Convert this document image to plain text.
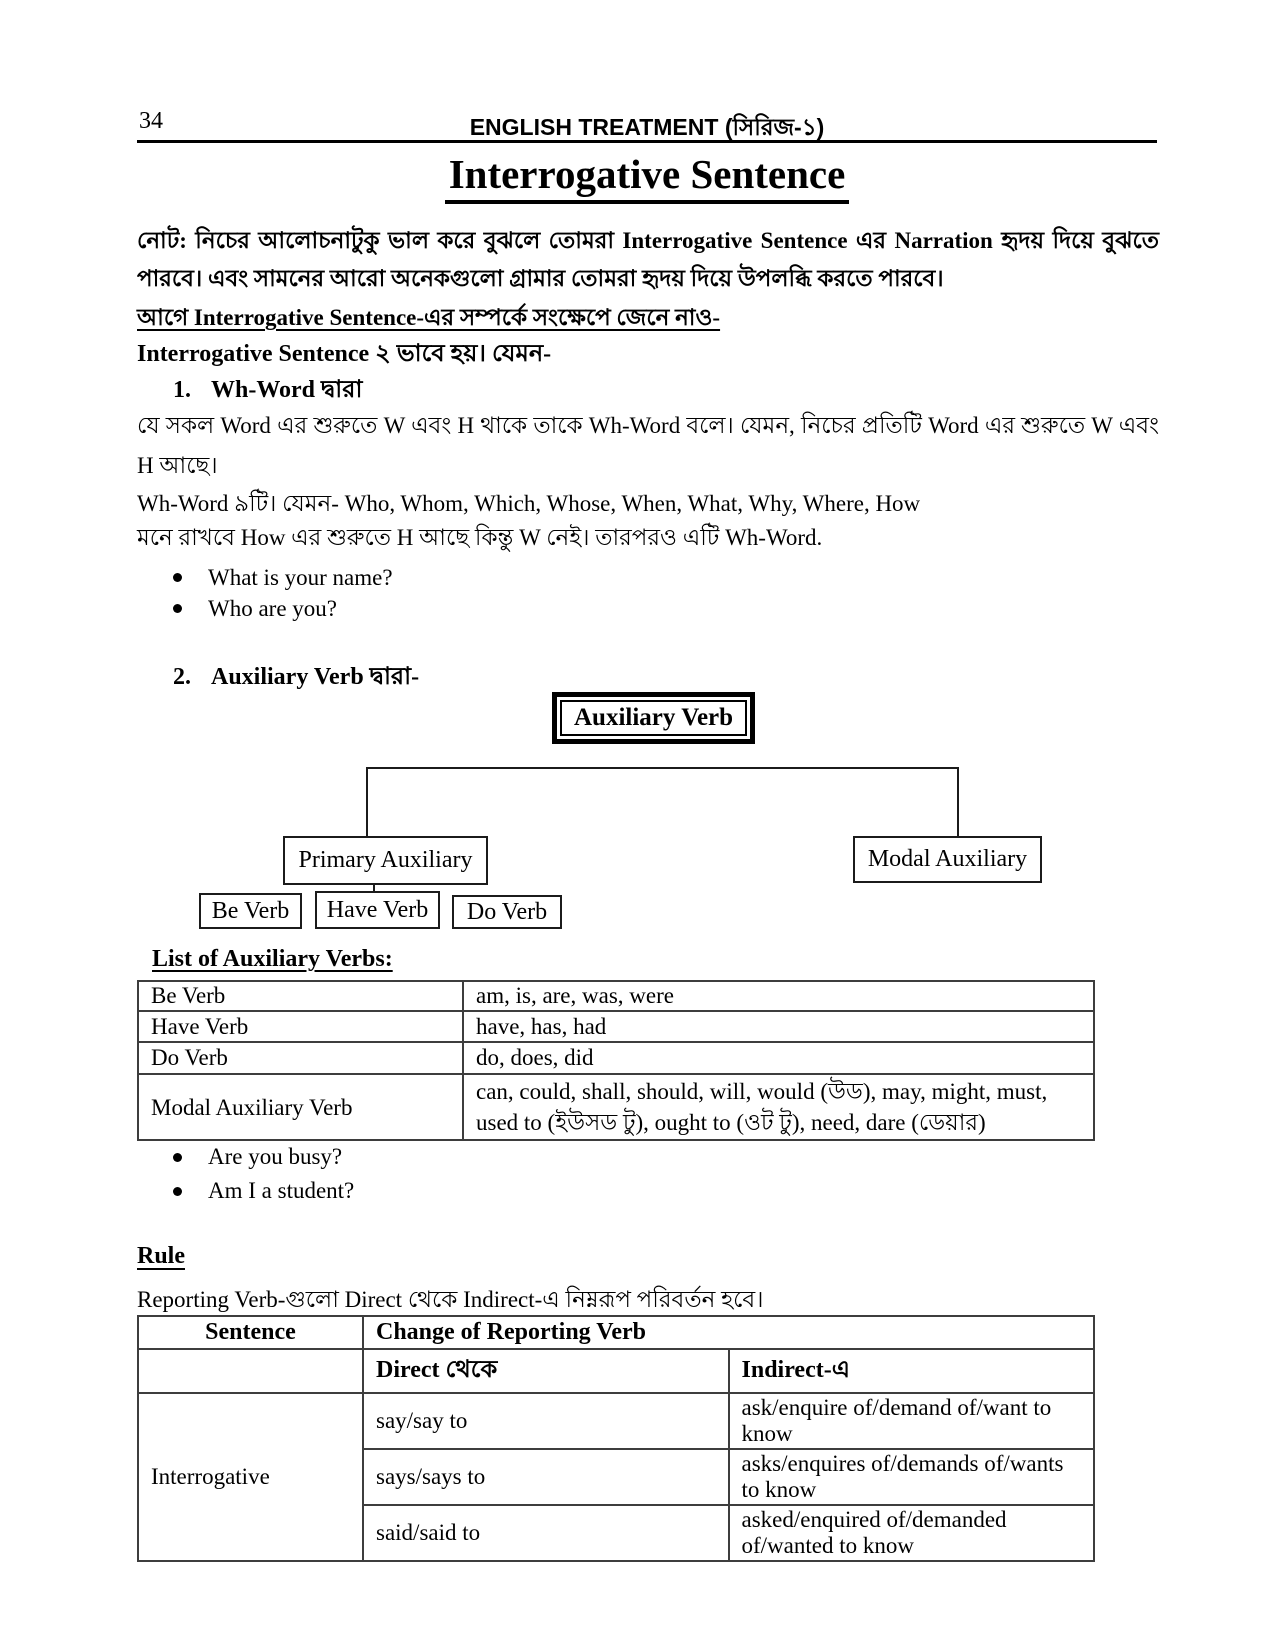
34	ENGLISH TREATMENT (সিরিজ-১)
Interrogative Sentence

নোট: নিচের আলোচনাটুকু ভাল করে বুঝলে তোমরা Interrogative Sentence এর Narration হৃদয় দিয়ে বুঝতে পারবে। এবং সামনের আরো অনেকগুলো গ্রামার তোমরা হৃদয় দিয়ে উপলব্ধি করতে পারবে।

আগে Interrogative Sentence-এর সম্পর্কে সংক্ষেপে জেনে নাও-

Interrogative Sentence ২ ভাবে হয়। যেমন-

1. Wh-Word দ্বারা

যে সকল Word এর শুরুতে W এবং H থাকে তাকে Wh-Word বলে। যেমন, নিচের প্রতিটি Word এর শুরুতে W এবং H আছে।

Wh-Word ৯টি। যেমন- Who, Whom, Which, Whose, When, What, Why, Where, How

মনে রাখবে How এর শুরুতে H আছে কিন্তু W নেই। তারপরও এটি Wh-Word.

What is your name?
Who are you?
2. Auxiliary Verb দ্বারা-
Auxiliary Verb
Primary Auxiliary	Modal Auxiliary
Be Verb Have Verb Do Verb
List of Auxiliary Verbs:
Be Verb	am, is, are, was, were
Have Verb	have, has, had
Do Verb	do, does, did
Modal Auxiliary Verb	can, could, shall, should, will, would (উড), may, might, must, used to (ইউসড টু), ought to (ওট টু), need, dare (ডেয়ার)
Are you busy?
Am I a student?
Rule

Reporting Verb-গুলো Direct থেকে Indirect-এ নিম্নরূপ পরিবর্তন হবে।

Sentence	Change of Reporting Verb	
	Direct থেকে	Indirect-এ
Interrogative	say/say to	ask/enquire of/demand of/want to know
	says/says to	asks/enquires of/demands of/wants to know
	said/said to	asked/enquired of/demanded of/wanted to know
